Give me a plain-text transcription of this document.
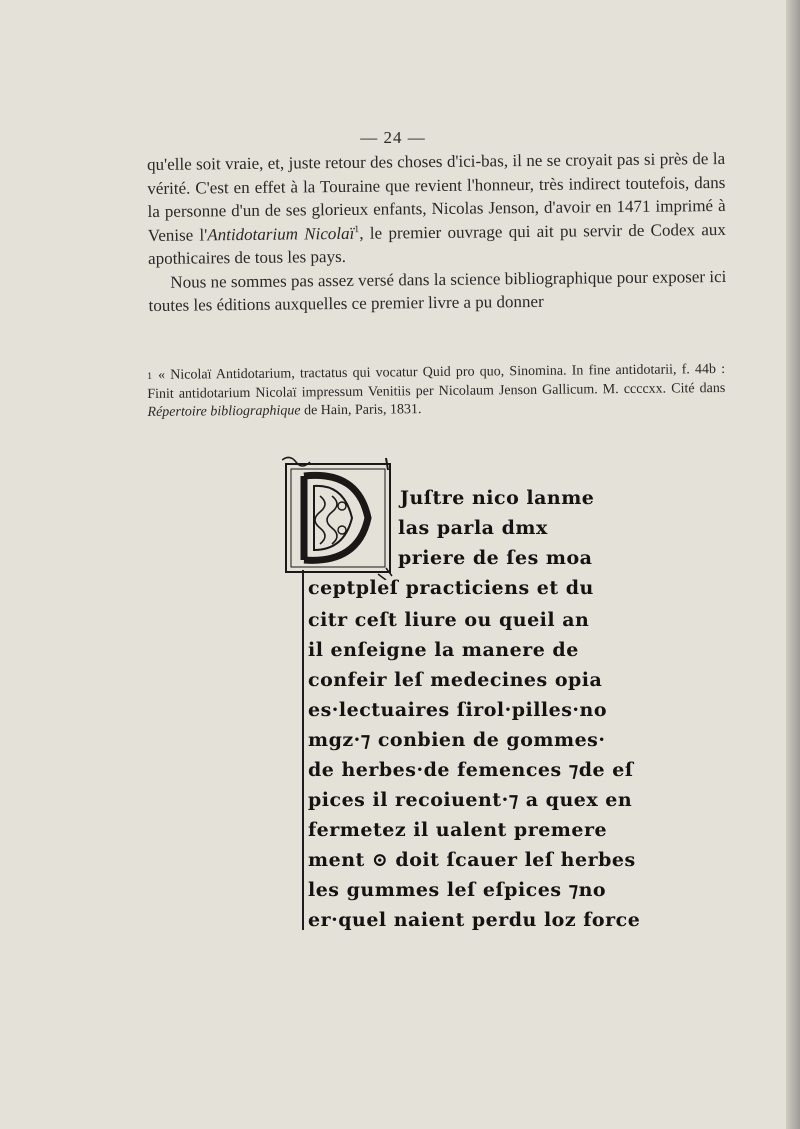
— 24 —

qu'elle soit vraie, et, juste retour des choses d'ici-bas, il ne se croyait pas si près de la vérité. C'est en effet à la Touraine que revient l'honneur, très indirect toutefois, dans la personne d'un de ses glorieux enfants, Nicolas Jenson, d'avoir en 1471 imprimé à Venise l'Antidotarium Nicolaï$^1$, le premier ouvrage qui ait pu servir de Codex aux apothicaires de tous les pays.

Nous ne sommes pas assez versé dans la science bibliographique pour exposer ici toutes les éditions auxquelles ce premier livre a pu donner

1 « Nicolaï Antidotarium, tractatus qui vocatur Quid pro quo, Sinomina. In fine antidotarii, f. 44b : Finit antidotarium Nicolaï impressum Venitiis per Nicolaum Jenson Gallicum. M. ccccxx. Cité dans Répertoire bibliographique de Hain, Paris, 1831.
Juſtre nico lanme
las parla dmx
priere de ſes moa
ceptpleſ practiciens et du
citr ceſt liure ou queil an
il enſeigne la manere de
confeir leſ medecines opia
es·lectuaires ſirol·pilles·no
mgz·⁊ conbien de gommes·
de herbes·de femences ⁊de eſ
pices il recoiuent·⁊ a quex en
fermetez il ualent premere
ment ⊙ doit ſcauer leſ herbes
les gummes leſ eſpices ⁊no
er·quel naient perdu loz force
